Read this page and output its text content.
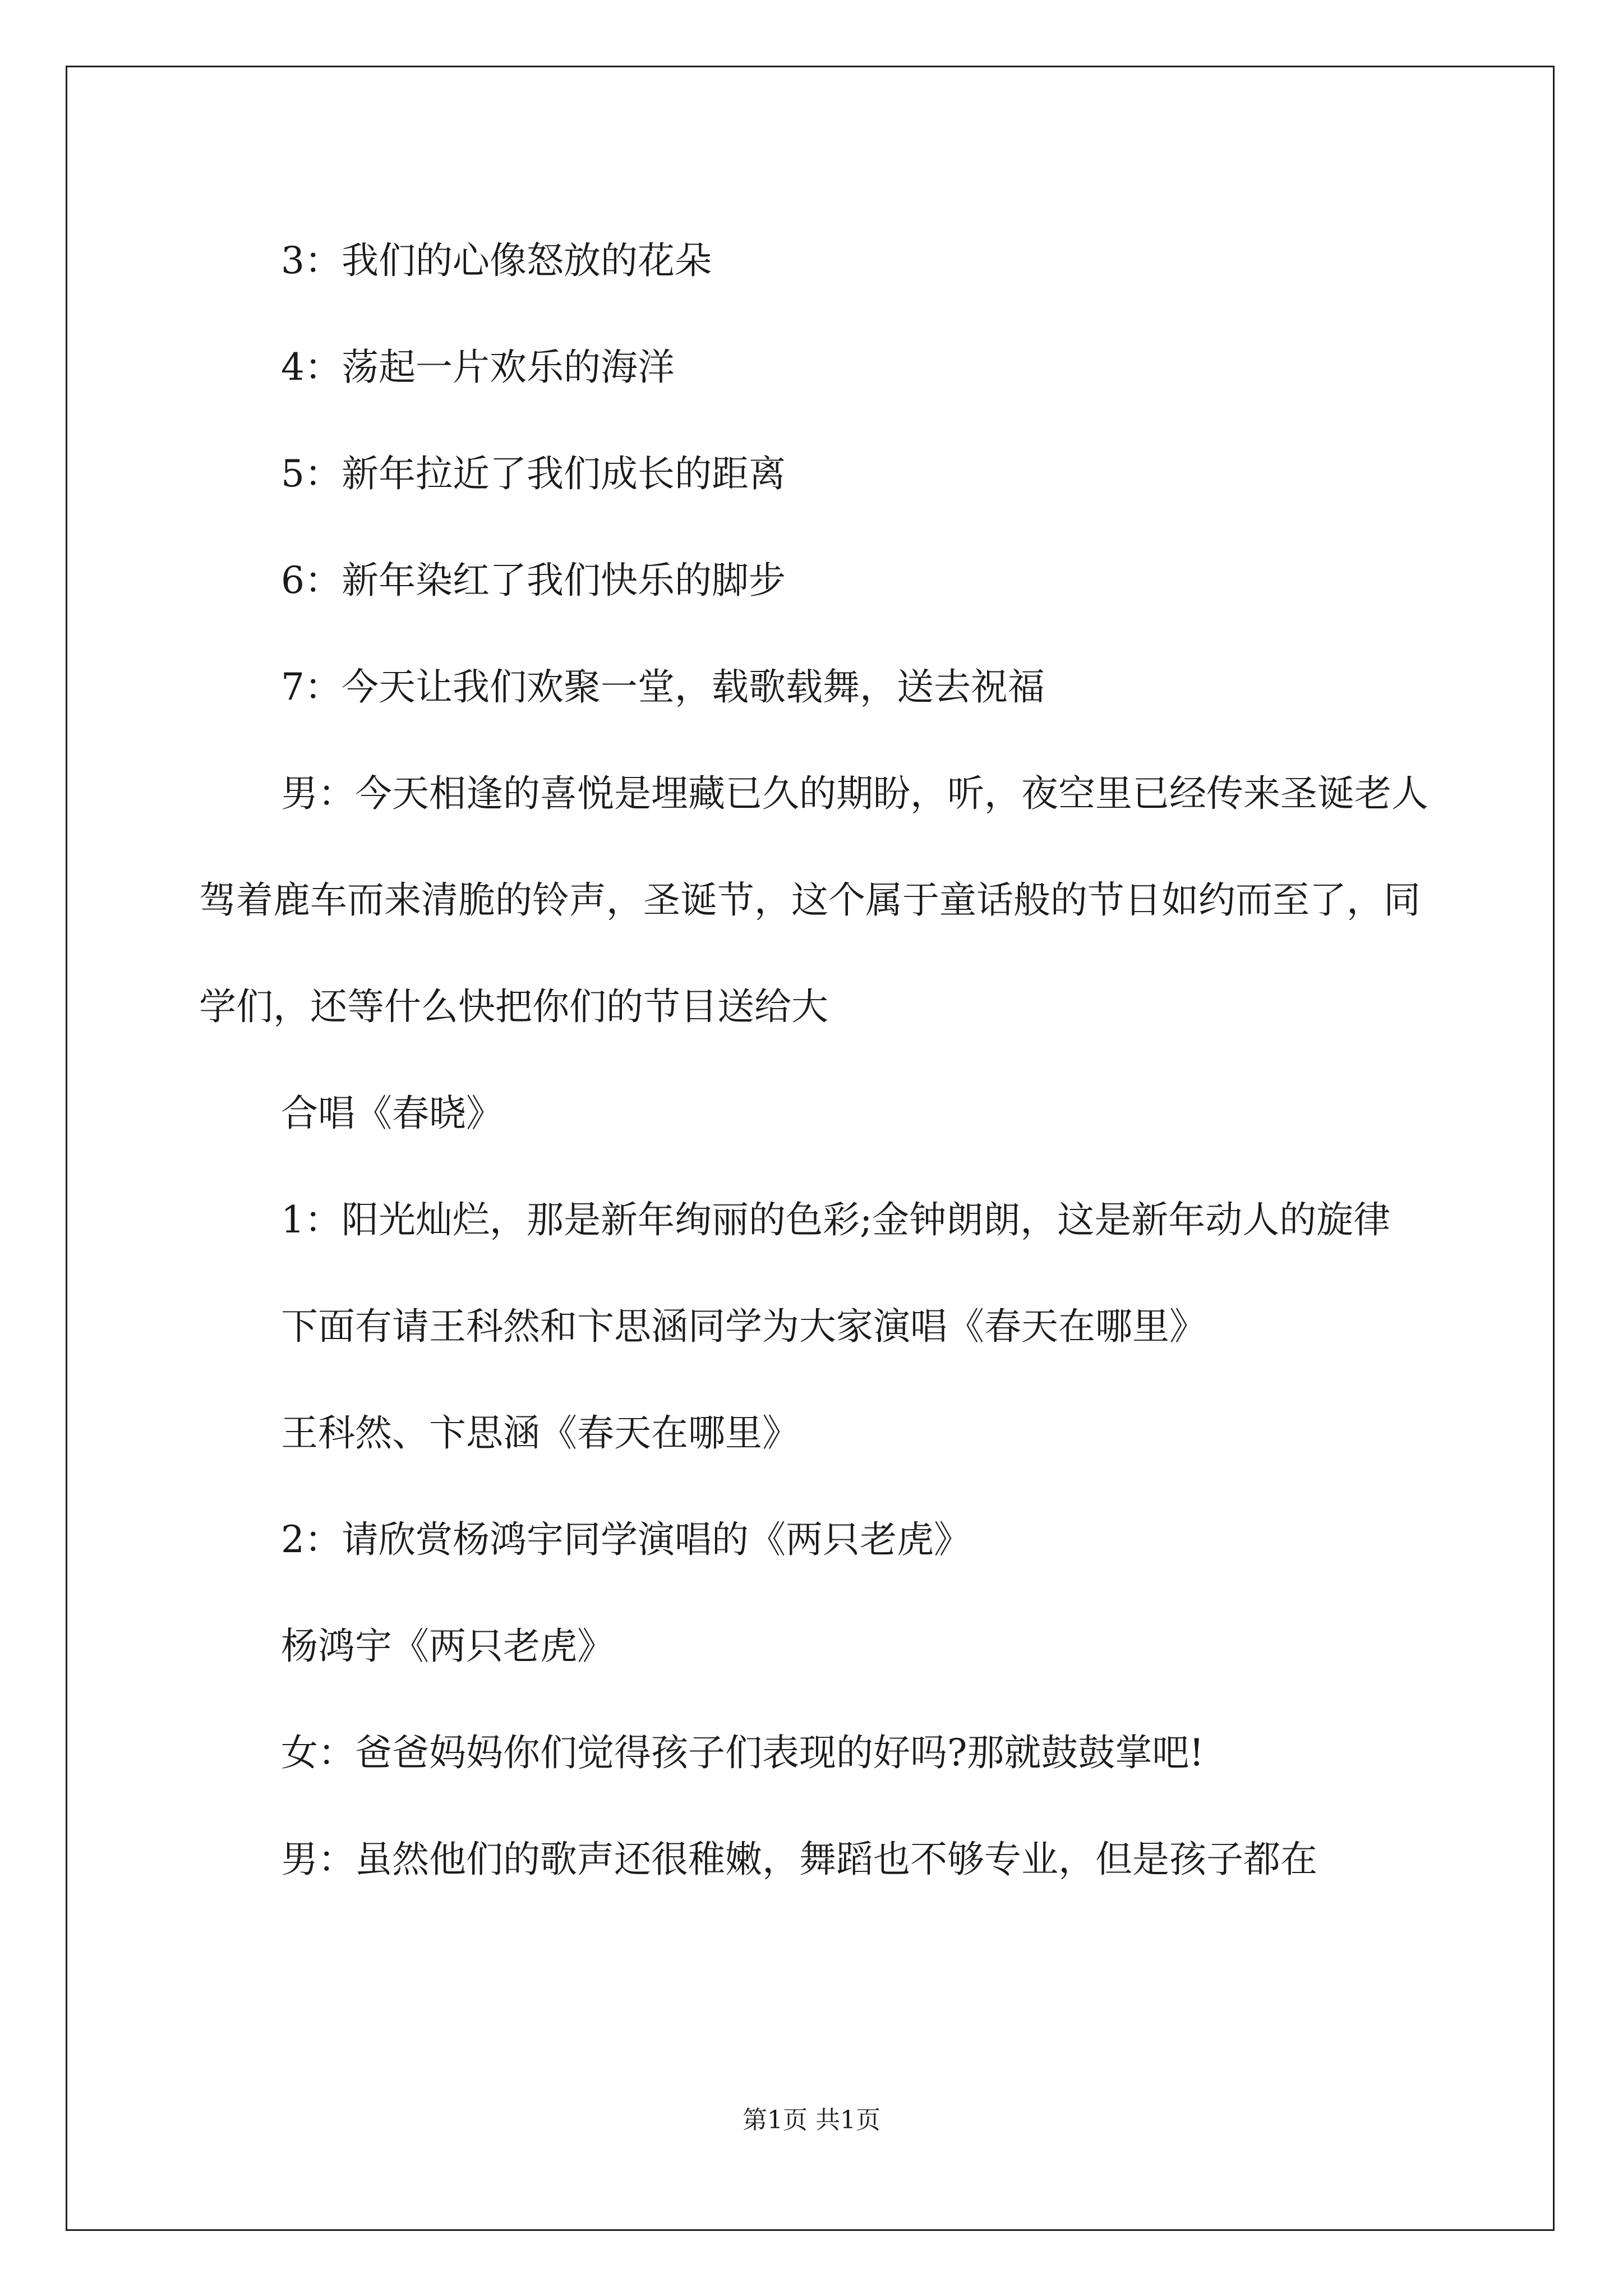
3：我们的心像怒放的花朵

4：荡起一片欢乐的海洋

5：新年拉近了我们成长的距离

6：新年染红了我们快乐的脚步

7：今天让我们欢聚一堂，载歌载舞，送去祝福

男：今天相逢的喜悦是埋藏已久的期盼，听，夜空里已经传来圣诞老人驾着鹿车而来清脆的铃声，圣诞节，这个属于童话般的节日如约而至了，同学们，还等什么快把你们的节目送给大

合唱《春晓》

1：阳光灿烂，那是新年绚丽的色彩;金钟朗朗，这是新年动人的旋律

下面有请王科然和卞思涵同学为大家演唱《春天在哪里》

王科然、卞思涵《春天在哪里》

2：请欣赏杨鸿宇同学演唱的《两只老虎》

杨鸿宇《两只老虎》

女：爸爸妈妈你们觉得孩子们表现的好吗?那就鼓鼓掌吧!

男：虽然他们的歌声还很稚嫩，舞蹈也不够专业，但是孩子都在

第1页 共1页
